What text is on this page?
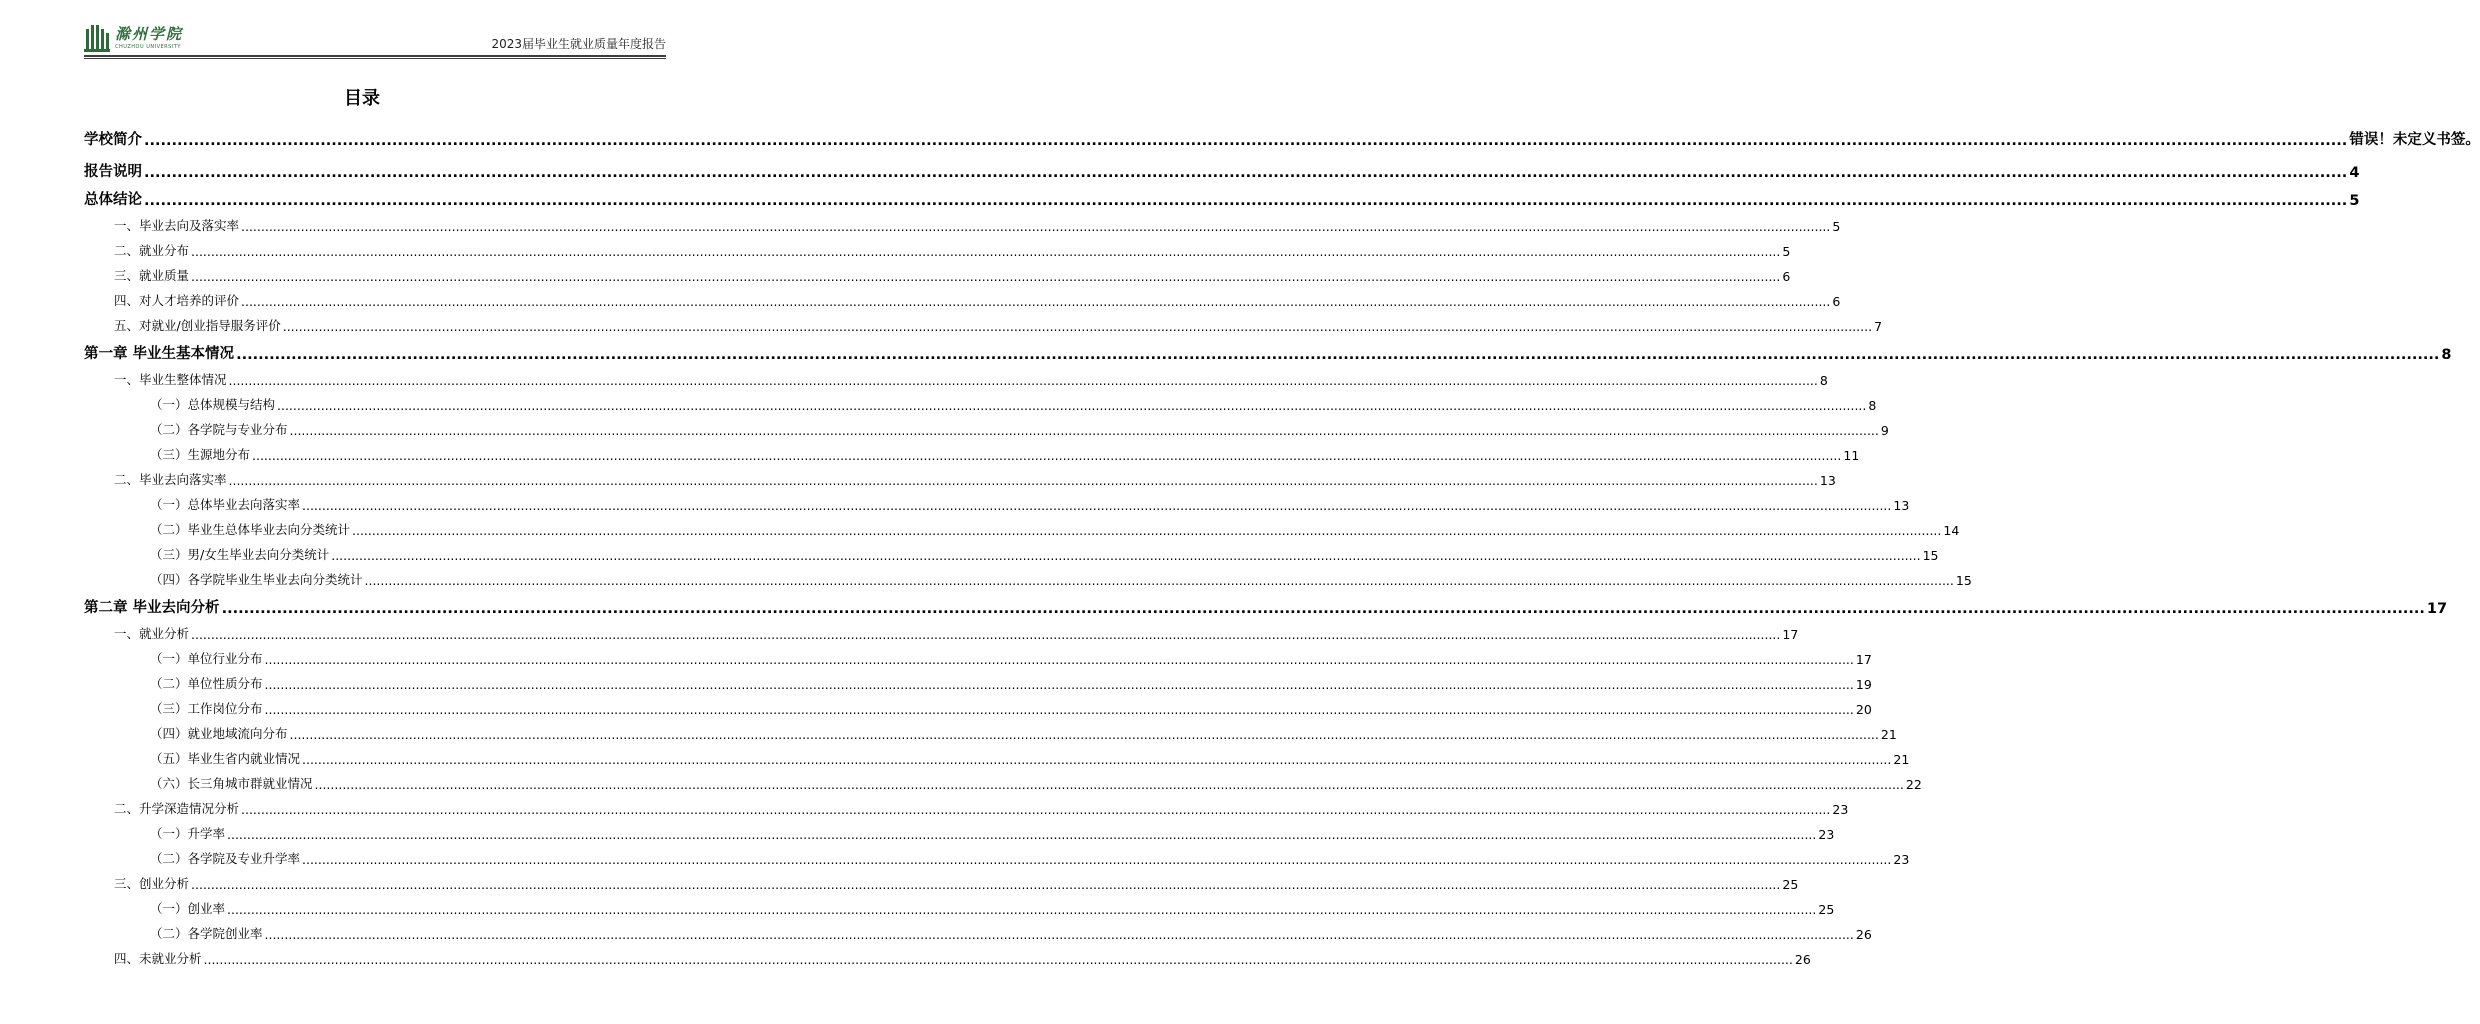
滁州学院
CHUZHOU UNIVERSITY	2023届毕业生就业质量年度报告
目录
学校简介 ................................................................................................................................................................................................................................................................................................................................................................................................................ 错误！未定义书签。
报告说明 ................................................................................................................................................................................................................................................................................................................................................................................................................ 4
总体结论 ................................................................................................................................................................................................................................................................................................................................................................................................................ 5
一、毕业去向及落实率 ................................................................................................................................................................................................................................................................................................................................................................................................................ 5
二、就业分布 ................................................................................................................................................................................................................................................................................................................................................................................................................ 5
三、就业质量 ................................................................................................................................................................................................................................................................................................................................................................................................................ 6
四、对人才培养的评价 ................................................................................................................................................................................................................................................................................................................................................................................................................ 6
五、对就业/创业指导服务评价 ................................................................................................................................................................................................................................................................................................................................................................................................................ 7
第一章 毕业生基本情况 ................................................................................................................................................................................................................................................................................................................................................................................................................ 8
一、毕业生整体情况 ................................................................................................................................................................................................................................................................................................................................................................................................................ 8
（一）总体规模与结构 ................................................................................................................................................................................................................................................................................................................................................................................................................ 8
（二）各学院与专业分布 ................................................................................................................................................................................................................................................................................................................................................................................................................ 9
（三）生源地分布 ................................................................................................................................................................................................................................................................................................................................................................................................................ 11
二、毕业去向落实率 ................................................................................................................................................................................................................................................................................................................................................................................................................ 13
（一）总体毕业去向落实率 ................................................................................................................................................................................................................................................................................................................................................................................................................ 13
（二）毕业生总体毕业去向分类统计 ................................................................................................................................................................................................................................................................................................................................................................................................................ 14
（三）男/女生毕业去向分类统计 ................................................................................................................................................................................................................................................................................................................................................................................................................ 15
（四）各学院毕业生毕业去向分类统计 ................................................................................................................................................................................................................................................................................................................................................................................................................ 15
第二章 毕业去向分析 ................................................................................................................................................................................................................................................................................................................................................................................................................ 17
一、就业分析 ................................................................................................................................................................................................................................................................................................................................................................................................................ 17
（一）单位行业分布 ................................................................................................................................................................................................................................................................................................................................................................................................................ 17
（二）单位性质分布 ................................................................................................................................................................................................................................................................................................................................................................................................................ 19
（三）工作岗位分布 ................................................................................................................................................................................................................................................................................................................................................................................................................ 20
（四）就业地域流向分布 ................................................................................................................................................................................................................................................................................................................................................................................................................ 21
（五）毕业生省内就业情况 ................................................................................................................................................................................................................................................................................................................................................................................................................ 21
（六）长三角城市群就业情况 ................................................................................................................................................................................................................................................................................................................................................................................................................ 22
二、升学深造情况分析 ................................................................................................................................................................................................................................................................................................................................................................................................................ 23
（一）升学率 ................................................................................................................................................................................................................................................................................................................................................................................................................ 23
（二）各学院及专业升学率 ................................................................................................................................................................................................................................................................................................................................................................................................................ 23
三、创业分析 ................................................................................................................................................................................................................................................................................................................................................................................................................ 25
（一）创业率 ................................................................................................................................................................................................................................................................................................................................................................................................................ 25
（二）各学院创业率 ................................................................................................................................................................................................................................................................................................................................................................................................................ 26
四、未就业分析 ................................................................................................................................................................................................................................................................................................................................................................................................................ 26
